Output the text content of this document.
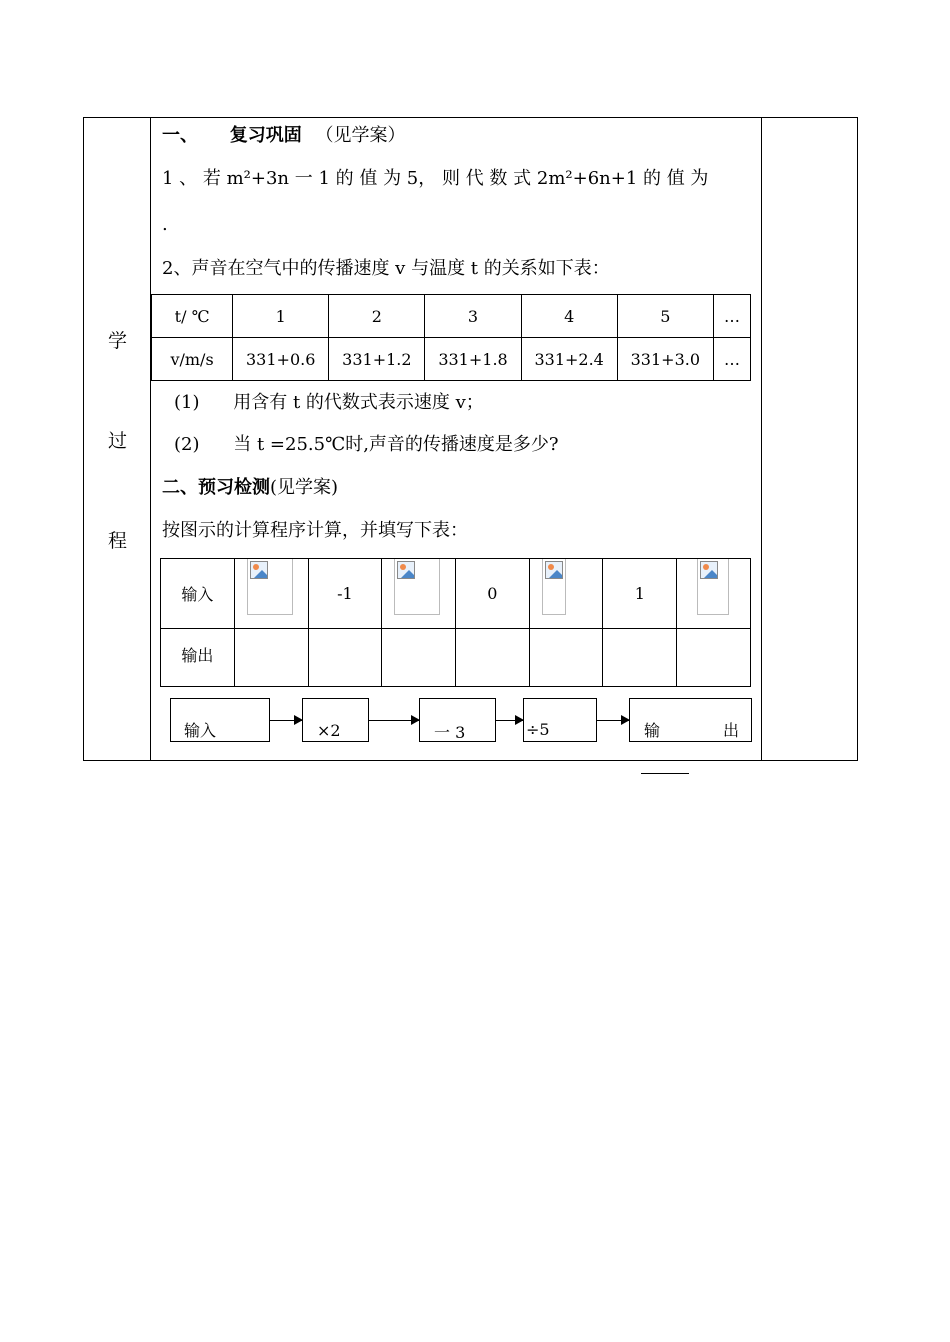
学
过
程
一、 复习巩固 （见学案）
1 、 若 m²+3n 一 1 的 值 为 5， 则 代 数 式 2m²+6n+1 的 值 为
.
2、声音在空气中的传播速度 v 与温度 t 的关系如下表：
t/ ℃	1	2	3	4	5	…
v/m/s	331+0.6	331+1.2	331+1.8	331+2.4	331+3.0	…
(1) 用含有 t 的代数式表示速度 v；
(2) 当 t =25.5℃时,声音的传播速度是多少?
二、预习检测(见学案)
按图示的计算程序计算，并填写下表：
输入		-1		0		1	

输出							
输入	×2	一 3	÷5	输	出
